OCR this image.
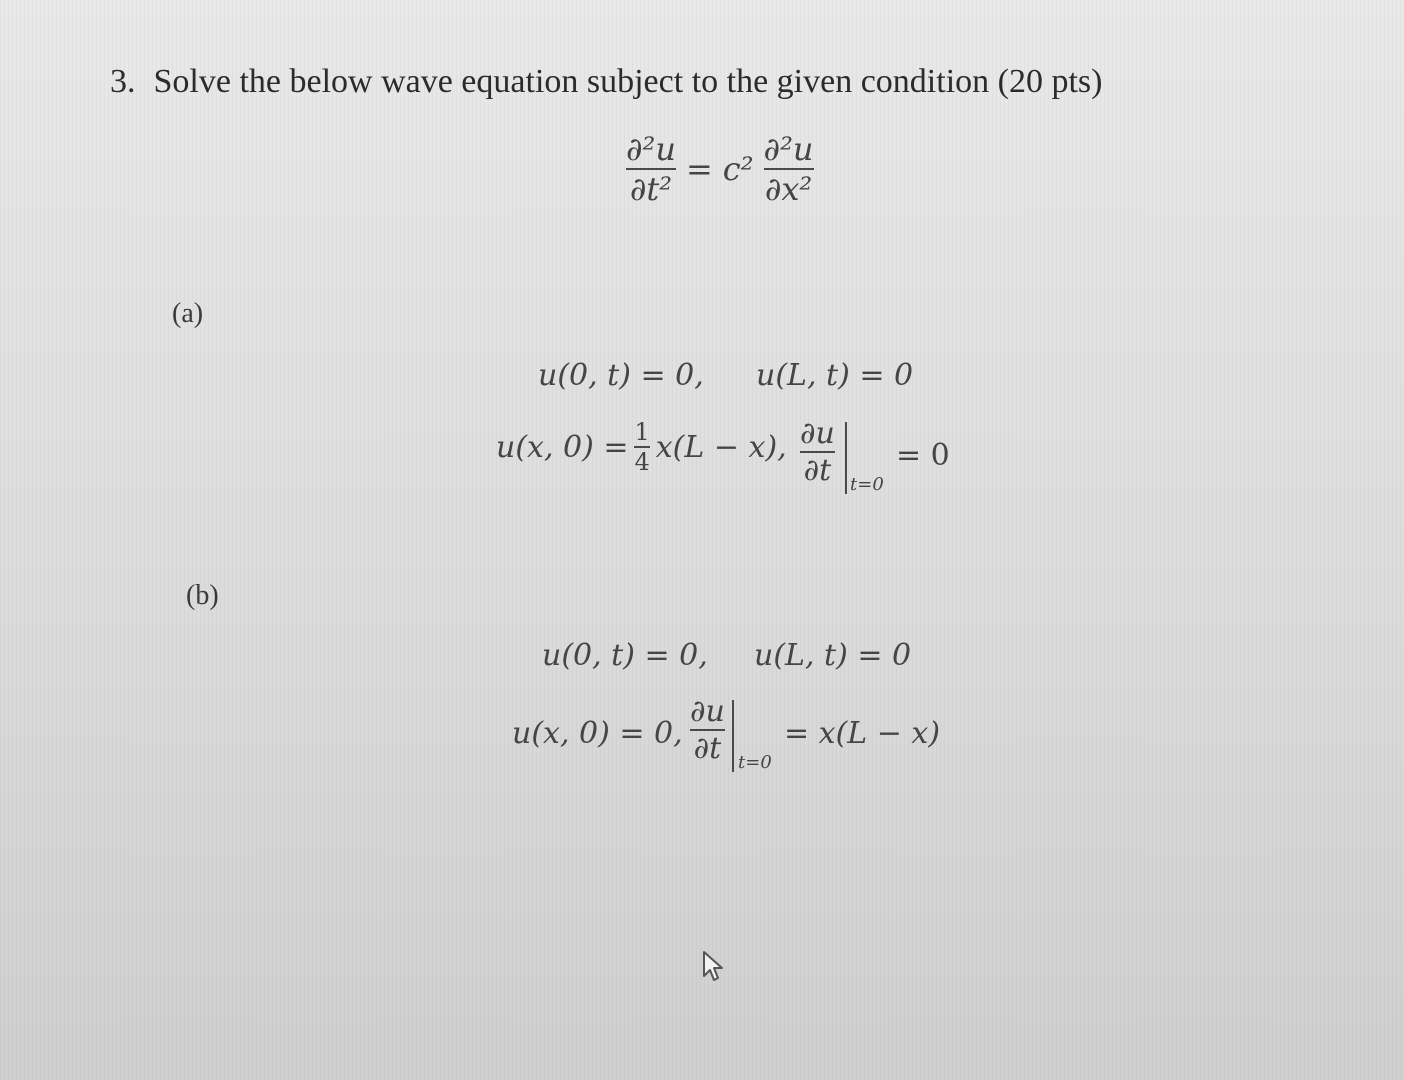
3. Solve the below wave equation subject to the given condition (20 pts)
$\frac{\text{∂²u}}{\text{∂t²}} = c^2 \frac{\text{∂²u}}{\text{∂x²}}$
(a)
u(0, t) = 0, u(L, t) = 0
u(x, $0) = \frac{1}{4} x(L - x)$, $\frac{\partial u}{\partial t} t=0$
= 0
(b)
u(0, t) = 0, u(L, t) = 0
u(x, 0) = 0, $\frac{\partial u}{\partial t} t=0$
= x(L − x)
